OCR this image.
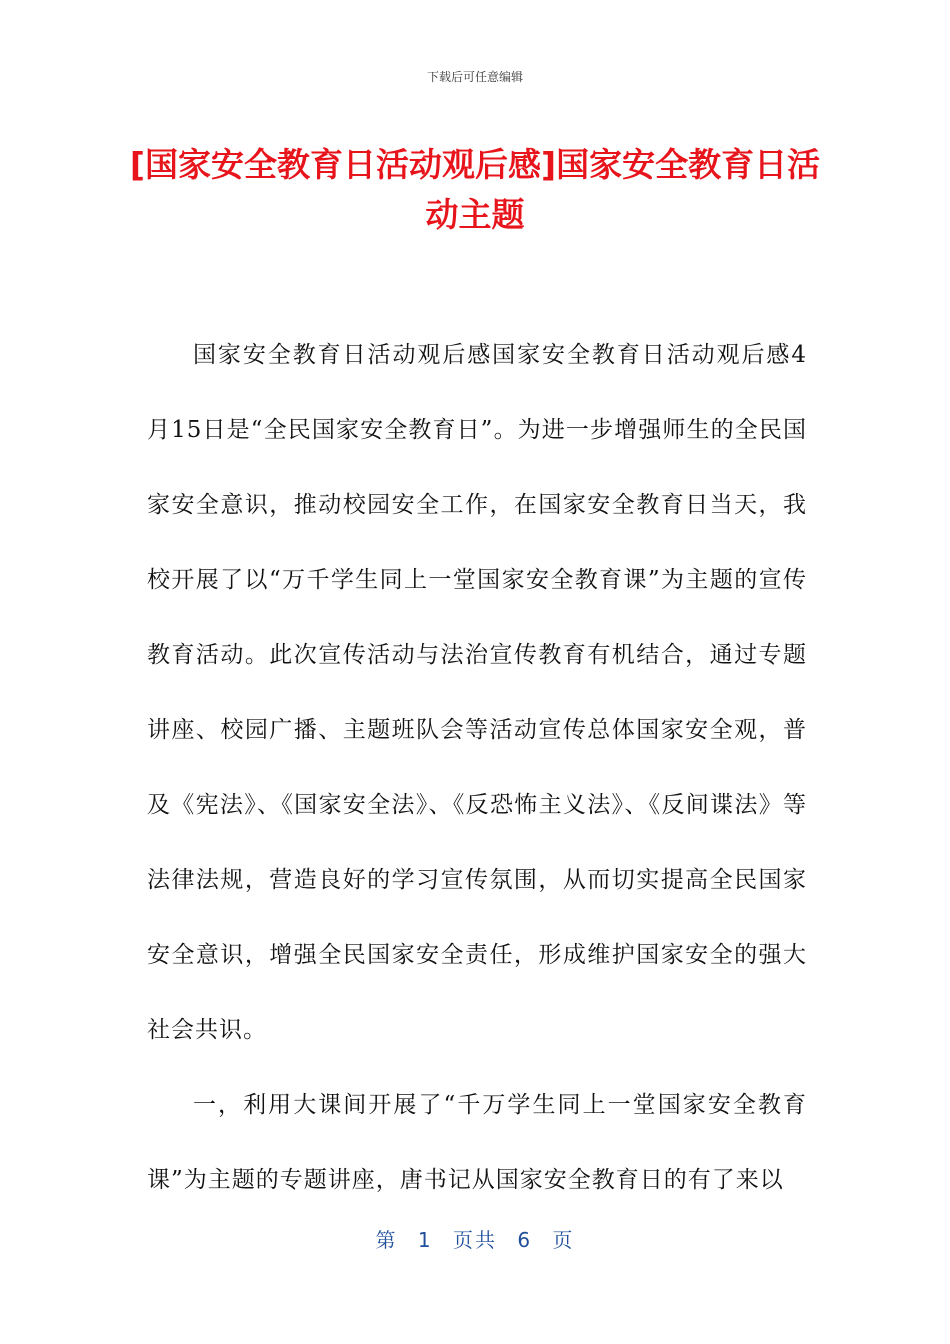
下载后可任意编辑
[国家安全教育日活动观后感]国家安全教育日活动主题

国家安全教育日活动观后感国家安全教育日活动观后感4月15日是“全民国家安全教育日”。为进一步增强师生的全民国家安全意识，推动校园安全工作，在国家安全教育日当天，我校开展了以“万千学生同上一堂国家安全教育课”为主题的宣传教育活动。此次宣传活动与法治宣传教育有机结合，通过专题讲座、校园广播、主题班队会等活动宣传总体国家安全观，普及《宪法》、《国家安全法》、《反恐怖主义法》、《反间谍法》等法律法规，营造良好的学习宣传氛围，从而切实提高全民国家安全意识，增强全民国家安全责任，形成维护国家安全的强大社会共识。

一，利用大课间开展了“千万学生同上一堂国家安全教育课”为主题的专题讲座，唐书记从国家安全教育日的有了来以

第 1 页共 6 页
